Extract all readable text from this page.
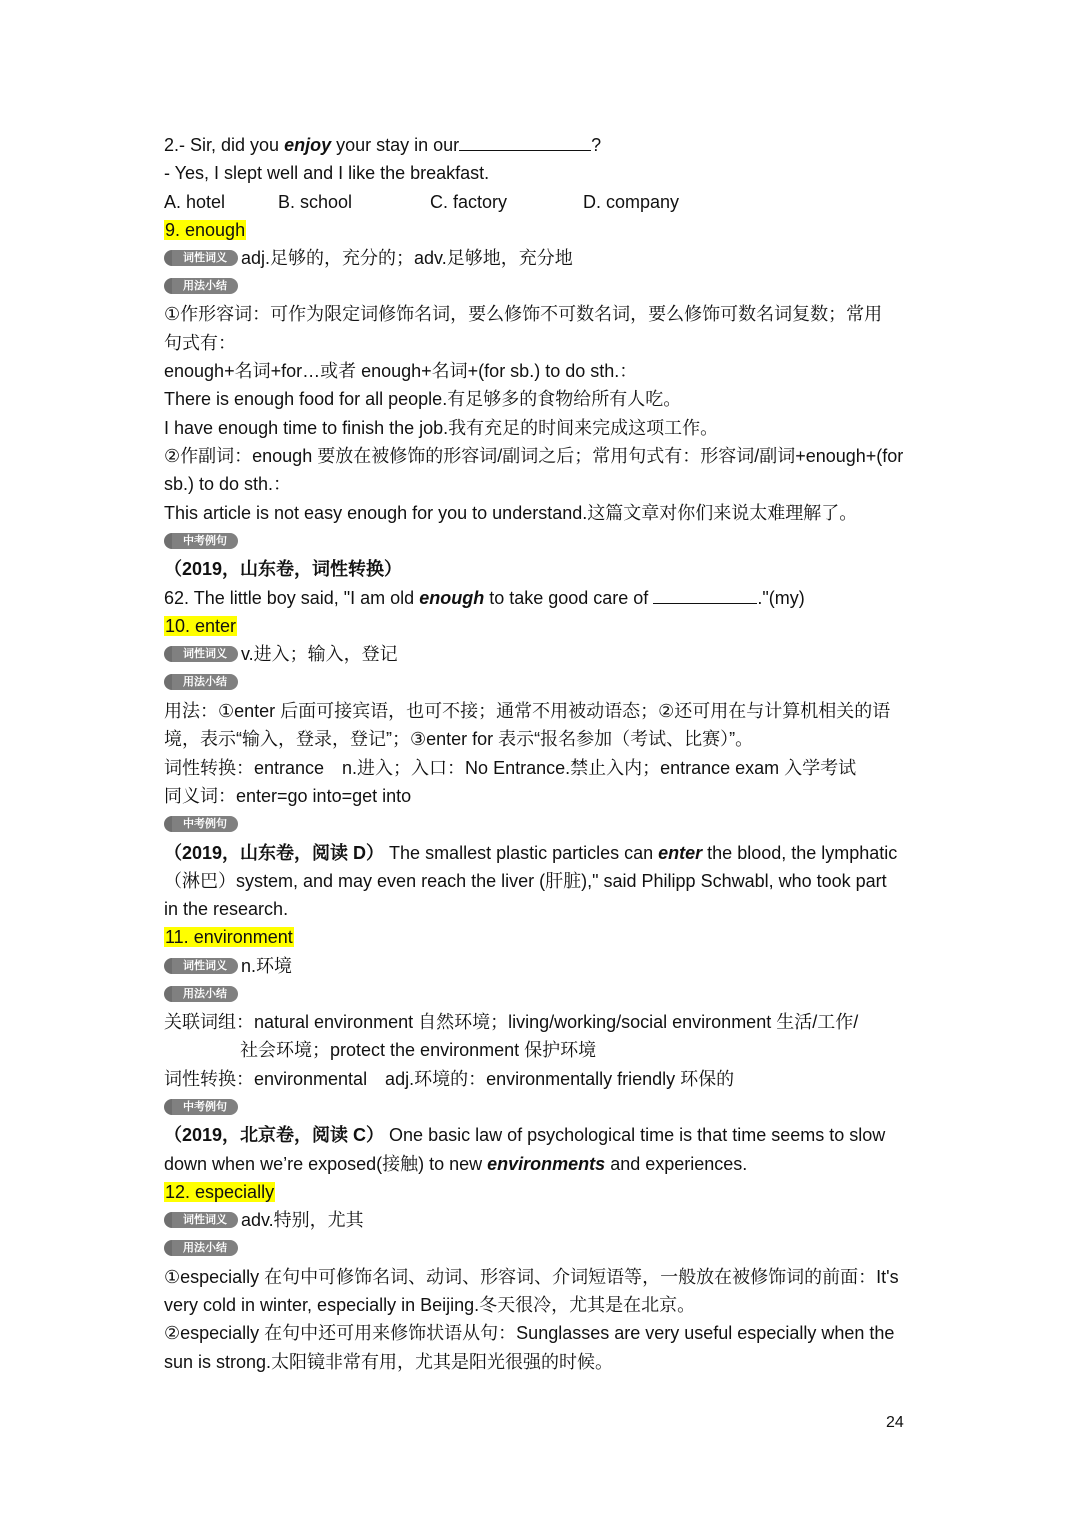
2.- Sir, did you enjoy your stay in our	?
- Yes, I slept well and I like the breakfast.
A. hotel	B. school	C. factory	D. company
9. enough
词性词义 adj.足够的，充分的；adv.足够地，充分地
用法小结
①作形容词：可作为限定词修饰名词，要么修饰不可数名词，要么修饰可数名词复数；常用
句式有：
enough+名词+for…或者 enough+名词+(for sb.) to do sth.：
There is enough food for all people.有足够多的食物给所有人吃。
I have enough time to finish the job.我有充足的时间来完成这项工作。
②作副词：enough 要放在被修饰的形容词/副词之后；常用句式有：形容词/副词+enough+(for
sb.) to do sth.：
This article is not easy enough for you to understand.这篇文章对你们来说太难理解了。
中考例句
（2019，山东卷，词性转换）
62. The little boy said, "I am old enough to take good care of	."(my)
10. enter
词性词义 v.进入；输入，登记
用法小结
用法：①enter 后面可接宾语，也可不接；通常不用被动语态；②还可用在与计算机相关的语
境，表示“输入，登录，登记”；③enter for 表示“报名参加（考试、比赛）”。
词性转换：entrance　n.进入；入口：No Entrance.禁止入内；entrance exam 入学考试
同义词：enter=go into=get into
中考例句
（2019，山东卷，阅读 D） The smallest plastic particles can enter the blood, the lymphatic
（淋巴）system, and may even reach the liver (肝脏)," said Philipp Schwabl, who took part
in the research.
11. environment
词性词义 n.环境
用法小结
关联词组：natural environment 自然环境；living/working/social environment 生活/工作/
社会环境；protect the environment 保护环境
词性转换：environmental　adj.环境的：environmentally friendly 环保的
中考例句
（2019，北京卷，阅读 C） One basic law of psychological time is that time seems to slow
down when we’re exposed(接触) to new environments and experiences.
12. especially
词性词义 adv.特别，尤其
用法小结
①especially 在句中可修饰名词、动词、形容词、介词短语等，一般放在被修饰词的前面：It's
very cold in winter, especially in Beijing.冬天很冷，尤其是在北京。
②especially 在句中还可用来修饰状语从句：Sunglasses are very useful especially when the
sun is strong.太阳镜非常有用，尤其是阳光很强的时候。
24
